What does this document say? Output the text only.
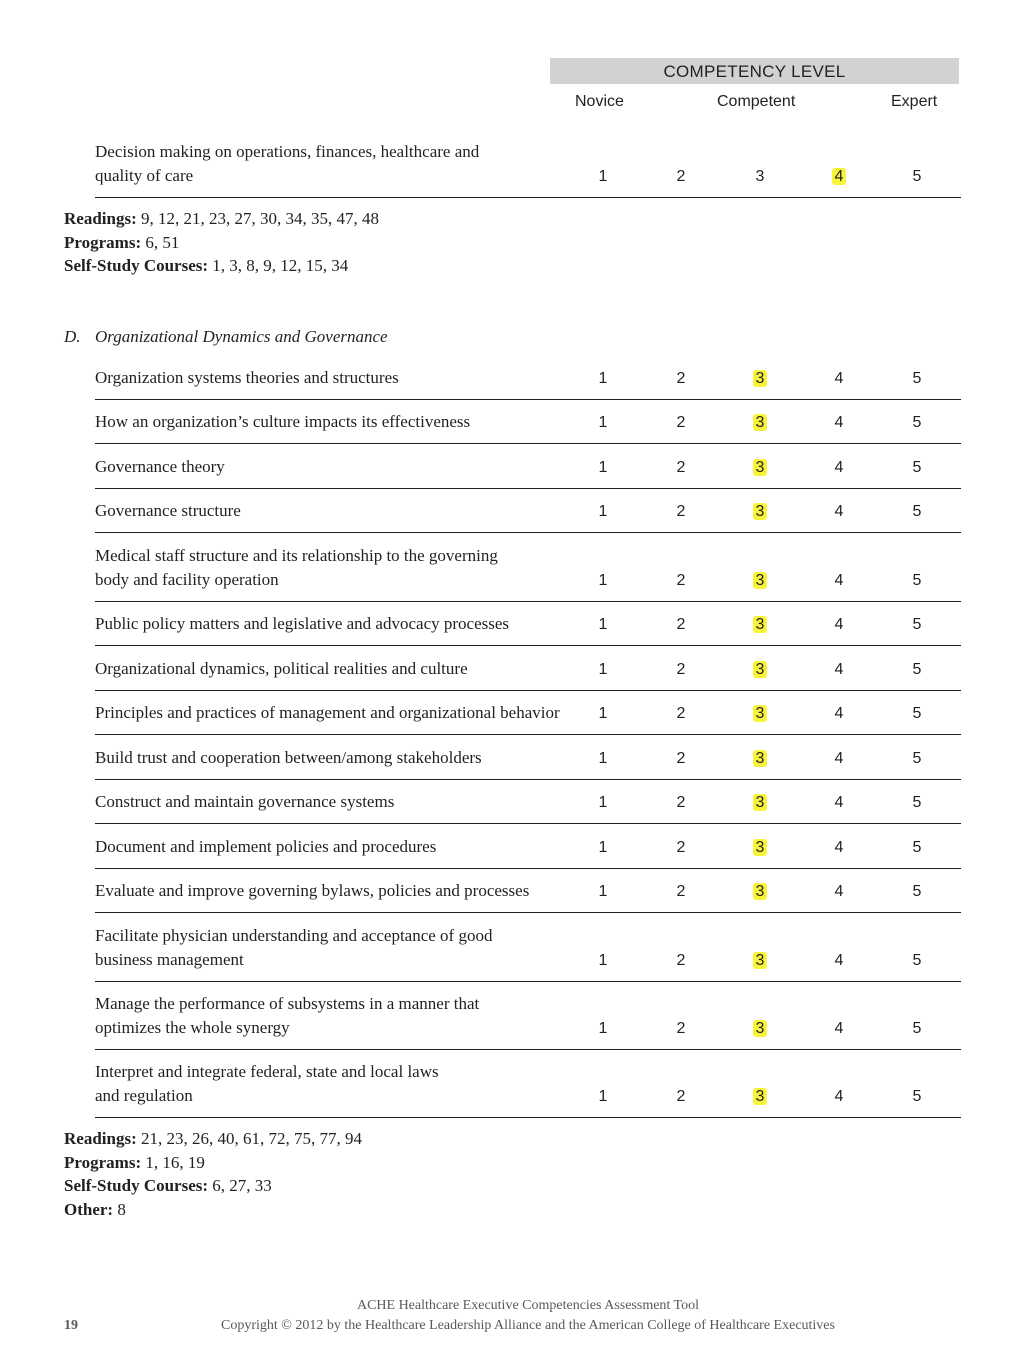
COMPETENCY LEVEL
Novice	Competent	Expert
Decision making on operations, finances, healthcare and
quality of care	1	2	3	4	5
Readings: 9, 12, 21, 23, 27, 30, 34, 35, 47, 48
Programs: 6, 51
Self-Study Courses: 1, 3, 8, 9, 12, 15, 34
D. Organizational Dynamics and Governance
Organization systems theories and structures	1	2	3	4	5
How an organization’s culture impacts its effectiveness	1	2	3	4	5
Governance theory	1	2	3	4	5
Governance structure	1	2	3	4	5
Medical staff structure and its relationship to the governing
body and facility operation	1	2	3	4	5
Public policy matters and legislative and advocacy processes	1	2	3	4	5
Organizational dynamics, political realities and culture	1	2	3	4	5
Principles and practices of management and organizational behavior	1	2	3	4	5
Build trust and cooperation between/among stakeholders	1	2	3	4	5
Construct and maintain governance systems	1	2	3	4	5
Document and implement policies and procedures	1	2	3	4	5
Evaluate and improve governing bylaws, policies and processes	1	2	3	4	5
Facilitate physician understanding and acceptance of good
business management	1	2	3	4	5
Manage the performance of subsystems in a manner that
optimizes the whole synergy	1	2	3	4	5
Interpret and integrate federal, state and local laws
and regulation	1	2	3	4	5
Readings: 21, 23, 26, 40, 61, 72, 75, 77, 94
Programs: 1, 16, 19
Self-Study Courses: 6, 27, 33
Other: 8
19
ACHE Healthcare Executive Competencies Assessment Tool
Copyright © 2012 by the Healthcare Leadership Alliance and the American College of Healthcare Executives
